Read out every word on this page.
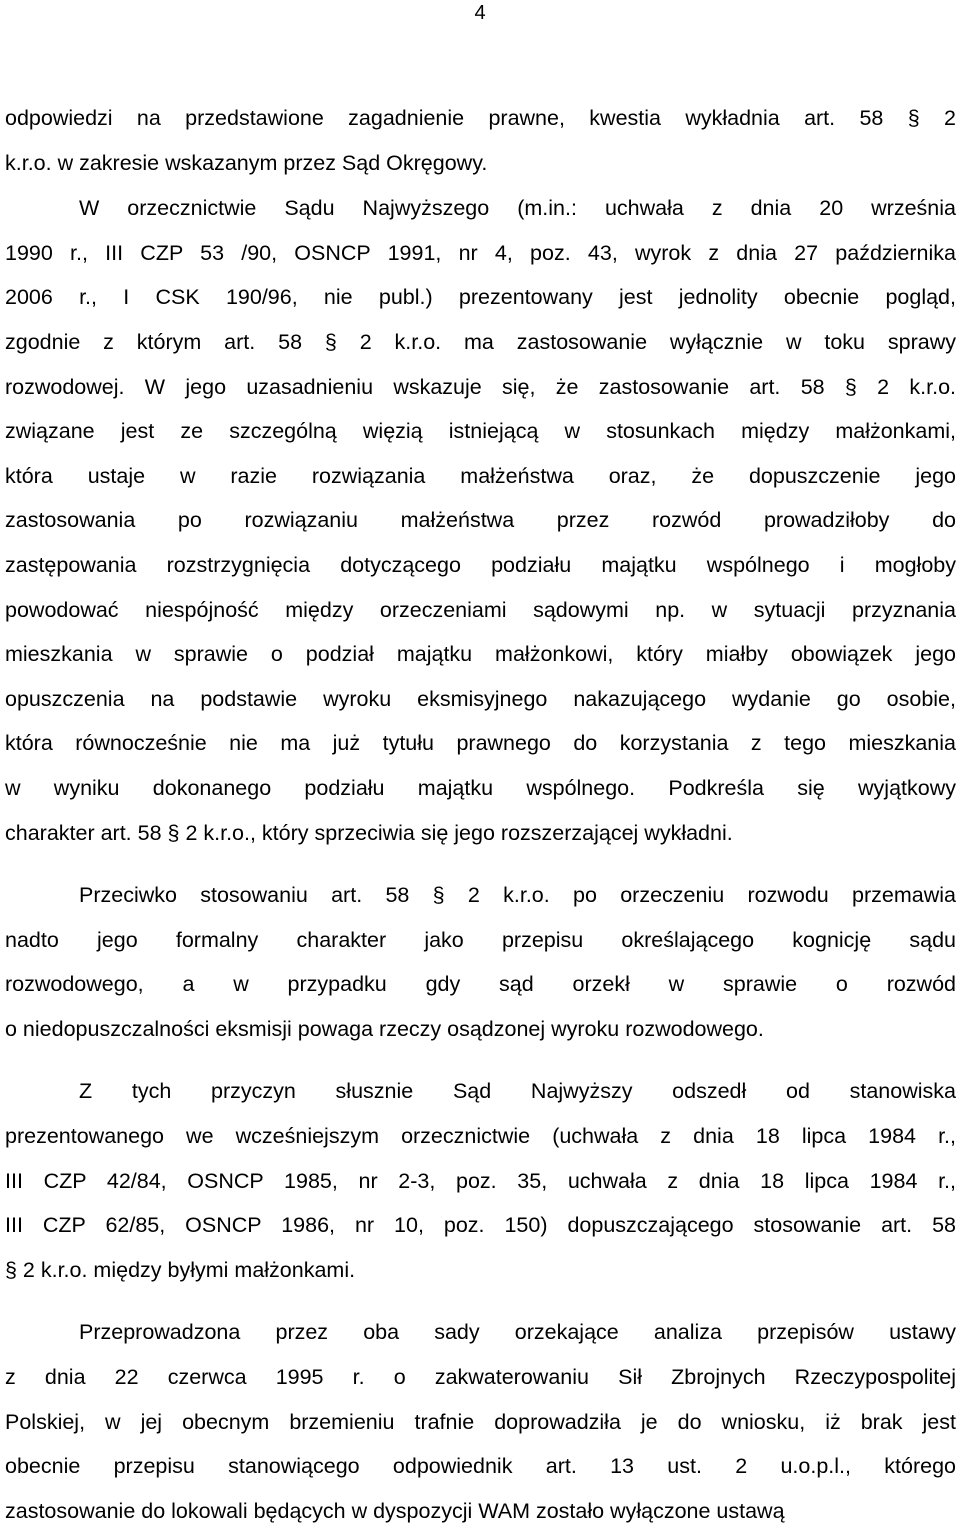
4
odpowiedzi na przedstawione zagadnienie prawne, kwestia wykładnia art. 58 § 2
k.r.o. w zakresie wskazanym przez Sąd Okręgowy.
W orzecznictwie Sądu Najwyższego (m.in.: uchwała z dnia 20 września
1990 r., III CZP 53 /90, OSNCP 1991, nr 4, poz. 43, wyrok z dnia 27 października
2006 r., I CSK 190/96, nie publ.) prezentowany jest jednolity obecnie pogląd,
zgodnie z którym art. 58 § 2 k.r.o. ma zastosowanie wyłącznie w toku sprawy
rozwodowej. W jego uzasadnieniu wskazuje się, że zastosowanie art. 58 § 2 k.r.o.
związane jest ze szczególną więzią istniejącą w stosunkach między małżonkami,
która ustaje w razie rozwiązania małżeństwa oraz, że dopuszczenie jego
zastosowania po rozwiązaniu małżeństwa przez rozwód prowadziłoby do
zastępowania rozstrzygnięcia dotyczącego podziału majątku wspólnego i mogłoby
powodować niespójność między orzeczeniami sądowymi np. w sytuacji przyznania
mieszkania w sprawie o podział majątku małżonkowi, który miałby obowiązek jego
opuszczenia na podstawie wyroku eksmisyjnego nakazującego wydanie go osobie,
która równocześnie nie ma już tytułu prawnego do korzystania z tego mieszkania
w wyniku dokonanego podziału majątku wspólnego. Podkreśla się wyjątkowy
charakter art. 58 § 2 k.r.o., który sprzeciwia się jego rozszerzającej wykładni.
Przeciwko stosowaniu art. 58 § 2 k.r.o. po orzeczeniu rozwodu przemawia
nadto jego formalny charakter jako przepisu określającego kognicję sądu
rozwodowego, a w przypadku gdy sąd orzekł w sprawie o rozwód
o niedopuszczalności eksmisji powaga rzeczy osądzonej wyroku rozwodowego.
Z tych przyczyn słusznie Sąd Najwyższy odszedł od stanowiska
prezentowanego we wcześniejszym orzecznictwie (uchwała z dnia 18 lipca 1984 r.,
III CZP 42/84, OSNCP 1985, nr 2-3, poz. 35, uchwała z dnia 18 lipca 1984 r.,
III CZP 62/85, OSNCP 1986, nr 10, poz. 150) dopuszczającego stosowanie art. 58
§ 2 k.r.o. między byłymi małżonkami.
Przeprowadzona przez oba sady orzekające analiza przepisów ustawy
z dnia 22 czerwca 1995 r. o zakwaterowaniu Sił Zbrojnych Rzeczypospolitej
Polskiej, w jej obecnym brzemieniu trafnie doprowadziła je do wniosku, iż brak jest
obecnie przepisu stanowiącego odpowiednik art. 13 ust. 2 u.o.p.l., którego
zastosowanie do lokowali będących w dyspozycji WAM zostało wyłączone ustawą
